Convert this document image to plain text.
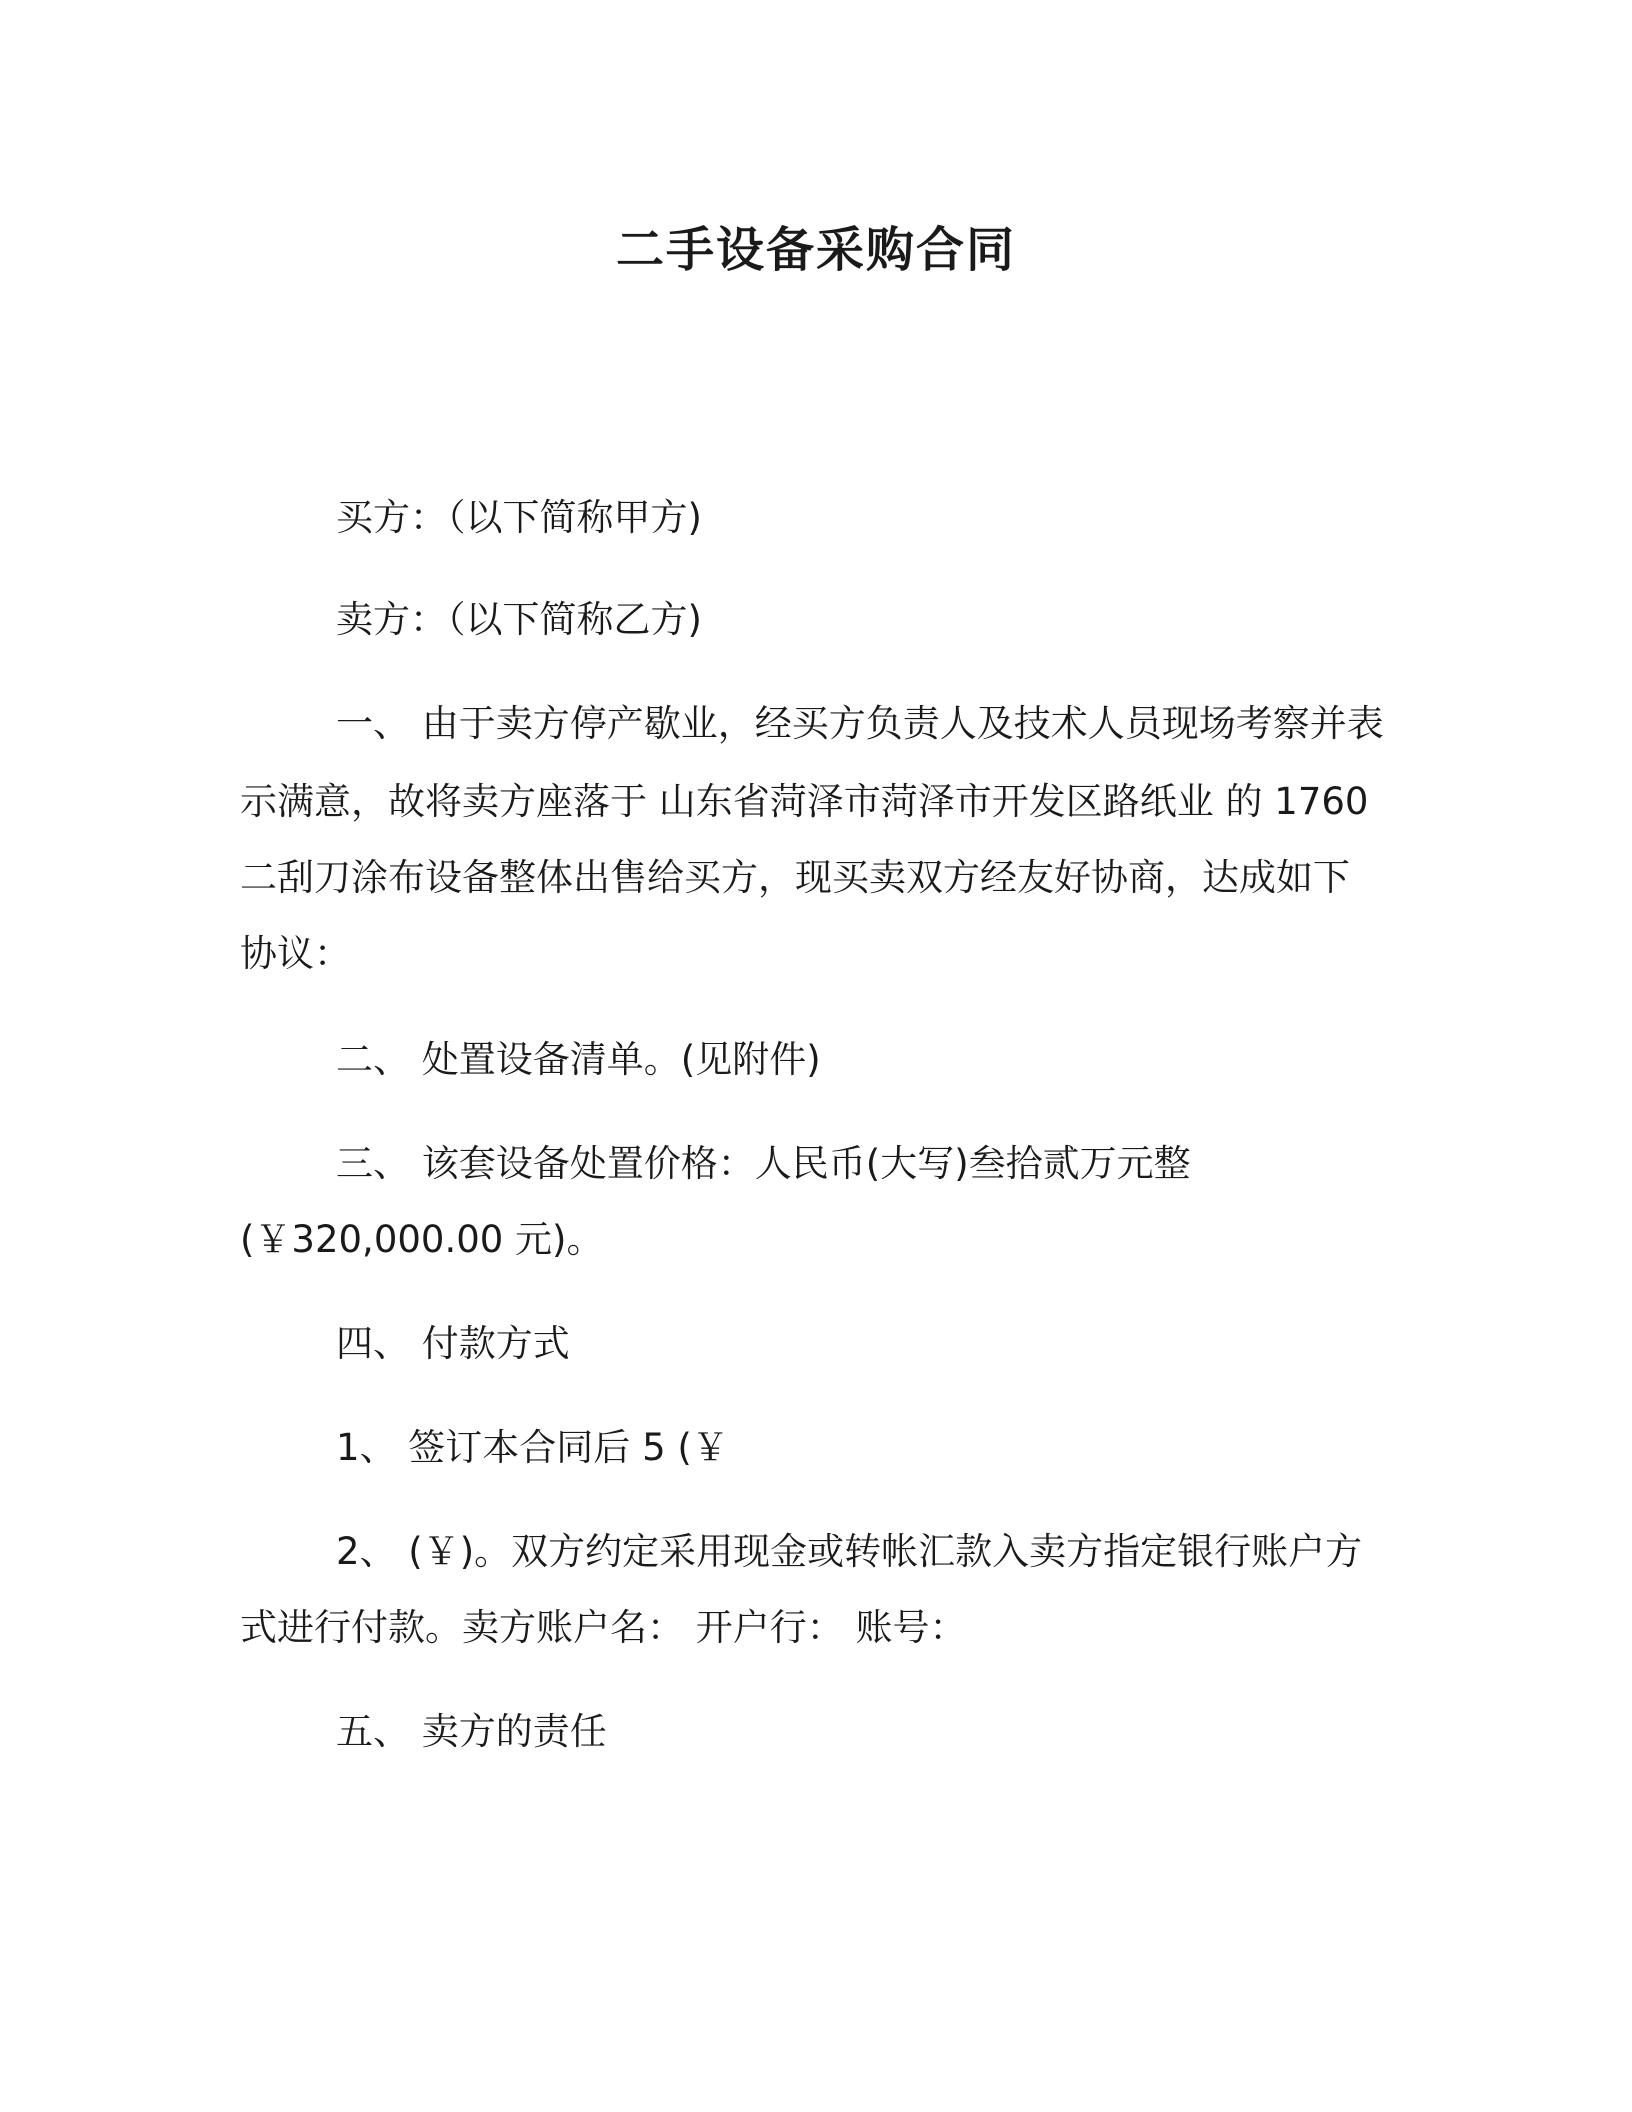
二手设备采购合同

买方：（以下简称甲方)

卖方：（以下简称乙方)

一、 由于卖方停产歇业，经买方负责人及技术人员现场考察并表

示满意，故将卖方座落于 山东省菏泽市菏泽市开发区路纸业 的 1760

二刮刀涂布设备整体出售给买方，现买卖双方经友好协商，达成如下

协议：

二、 处置设备清单。(见附件)

三、 该套设备处置价格：人民币(大写)叁拾贰万元整

(￥320,000.00 元)。

四、 付款方式

1、 签订本合同后 5 (￥

2、 (￥)。双方约定采用现金或转帐汇款入卖方指定银行账户方

式进行付款。卖方账户名： 开户行： 账号：

五、 卖方的责任
